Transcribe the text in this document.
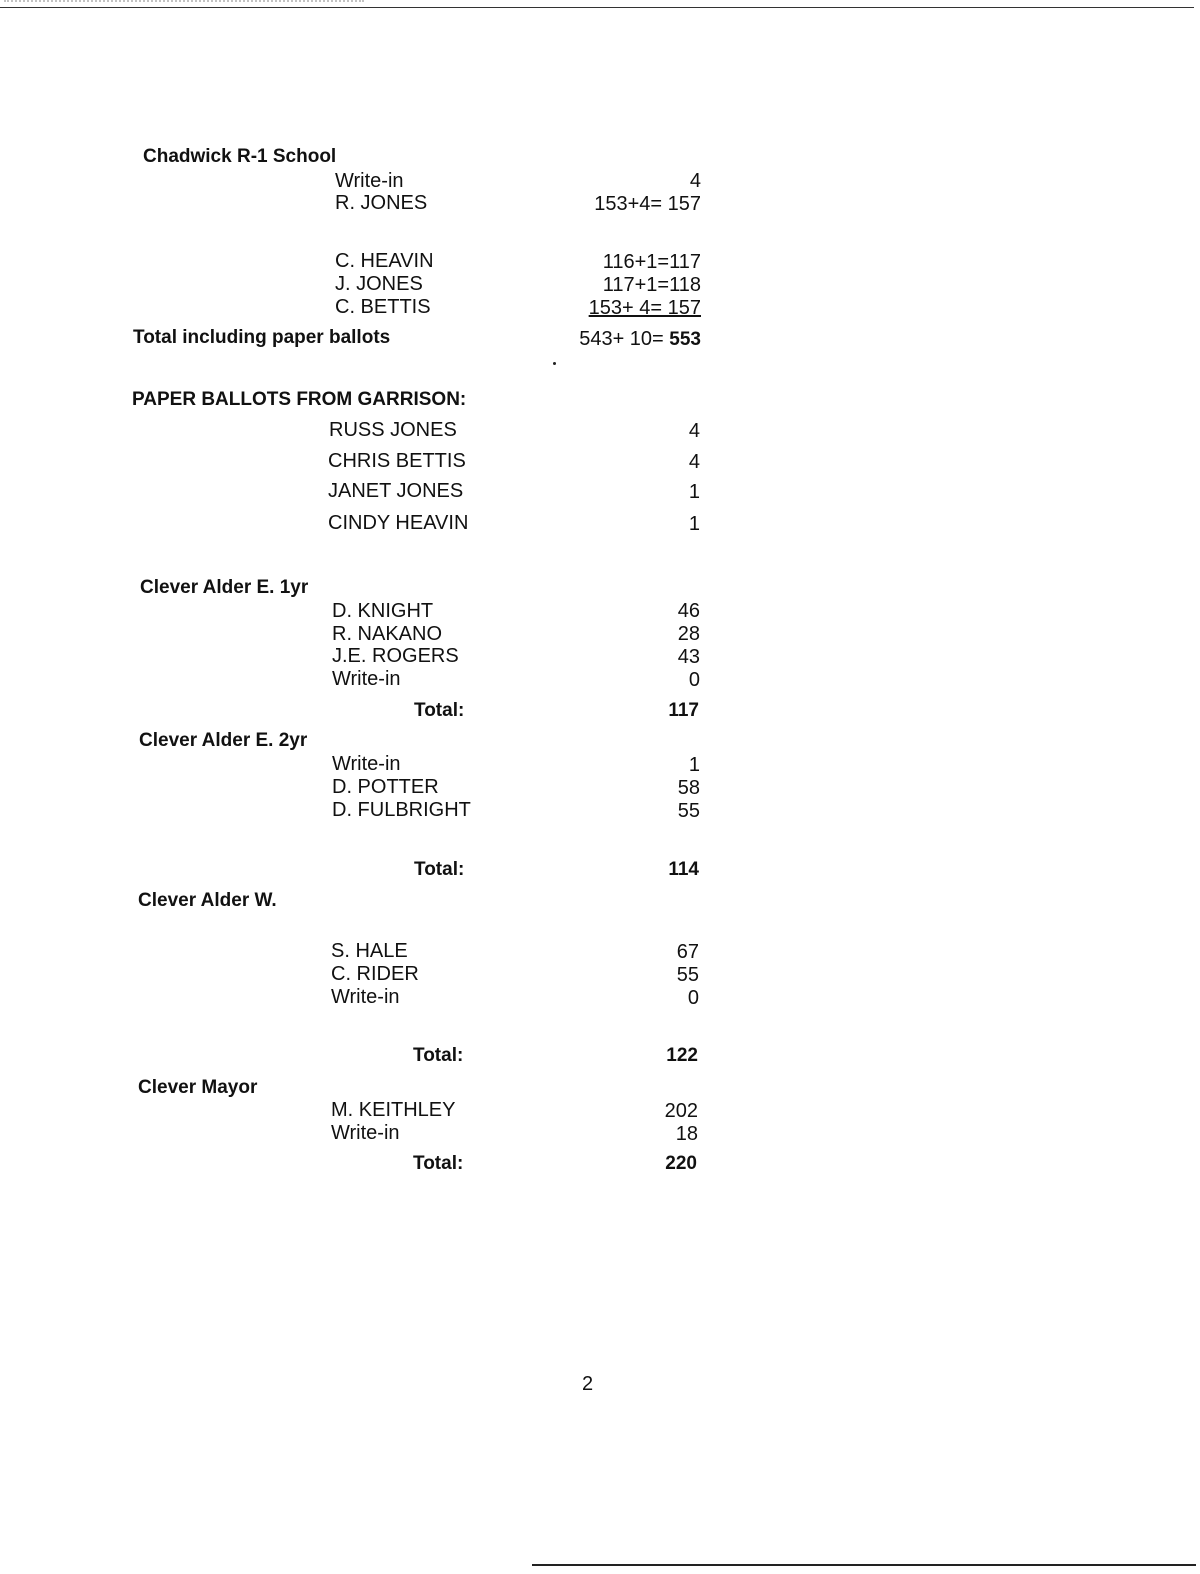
Chadwick R-1 School
Write-in	4
R. JONES	153+4= 157
C. HEAVIN	116+1=117
J. JONES	117+1=118
C. BETTIS	153+ 4= 157
Total including paper ballots	543+ 10= 553
PAPER BALLOTS FROM GARRISON:
RUSS JONES	4
CHRIS BETTIS	4
JANET JONES	1
CINDY HEAVIN	1
Clever Alder E. 1yr
D. KNIGHT	46
R. NAKANO	28
J.E. ROGERS	43
Write-in	0
Total:	117
Clever Alder E. 2yr
Write-in	1
D. POTTER	58
D. FULBRIGHT	55
Total:	114
Clever Alder W.
S. HALE	67
C. RIDER	55
Write-in	0
Total:	122
Clever Mayor
M. KEITHLEY	202
Write-in	18
Total:	220
2
